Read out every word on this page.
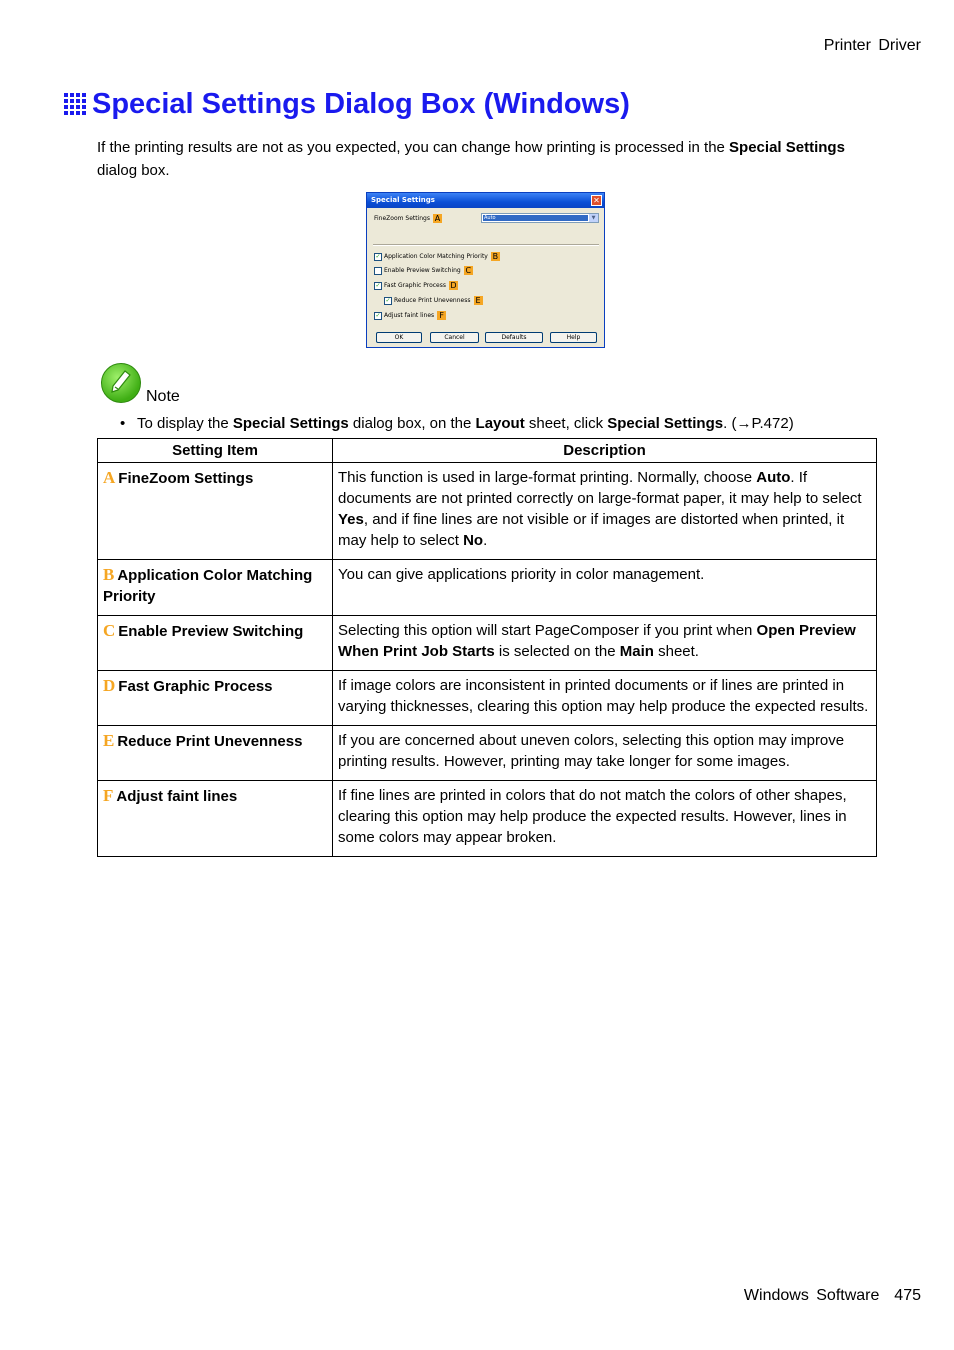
Printer Driver
Special Settings Dialog Box (Windows)

If the printing results are not as you expected, you can change how printing is processed in the Special Settings dialog box.

Special Settings	✕
FineZoom Settings A	Auto	▼
✓ Application Color Matching Priority B
Enable Preview Switching C
✓ Fast Graphic Process D
✓ Reduce Print Unevenness E
✓ Adjust faint lines F
OK	Cancel	Defaults	Help
Note
• To display the Special Settings dialog box, on the Layout sheet, click Special Settings. (→P.472)
Setting Item	Description
A FineZoom Settings	This function is used in large-format printing. Normally, choose Auto. If documents are not printed correctly on large-format paper, it may help to select Yes, and if fine lines are not visible or if images are distorted when printed, it may help to select No.
B Application Color Matching Priority	You can give applications priority in color management.
C Enable Preview Switching	Selecting this option will start PageComposer if you print when Open Preview When Print Job Starts is selected on the Main sheet.
D Fast Graphic Process	If image colors are inconsistent in printed documents or if lines are printed in varying thicknesses, clearing this option may help produce the expected results.
E Reduce Print Unevenness	If you are concerned about uneven colors, selecting this option may improve printing results. However, printing may take longer for some images.
F Adjust faint lines	If fine lines are printed in colors that do not match the colors of other shapes, clearing this option may help produce the expected results. However, lines in some colors may appear broken.
Windows Software 475
